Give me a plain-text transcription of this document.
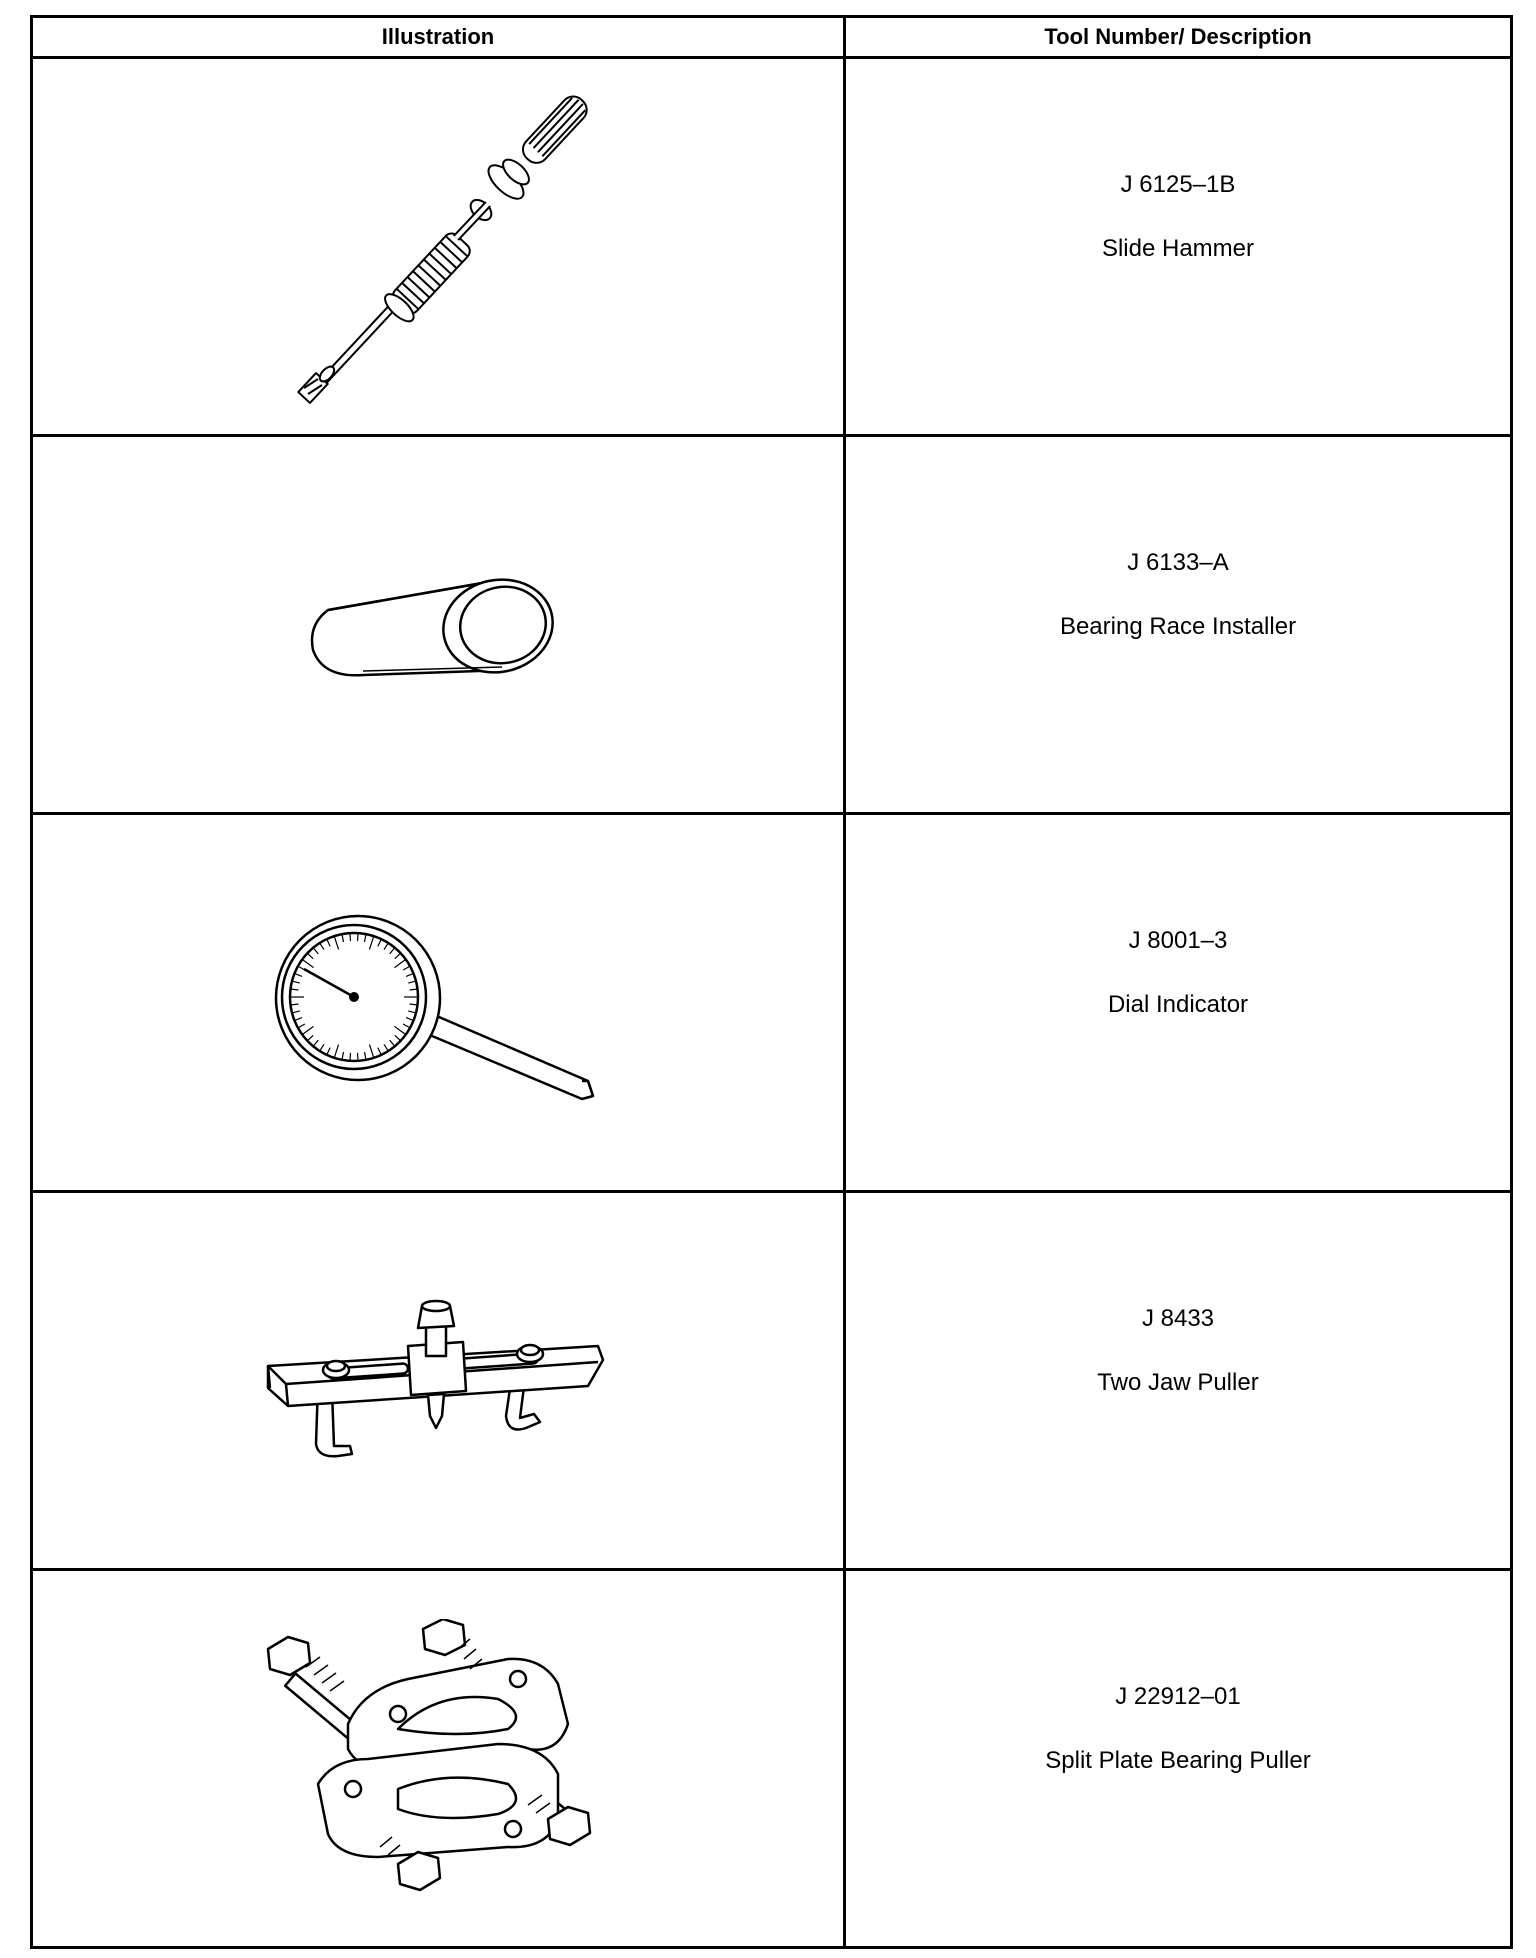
Illustration	Tool Number/ Description

J 6125–1B
Slide Hammer

J 6133–A
Bearing Race Installer

J 8001–3
Dial Indicator

J 8433
Two Jaw Puller

J 22912–01
Split Plate Bearing Puller
